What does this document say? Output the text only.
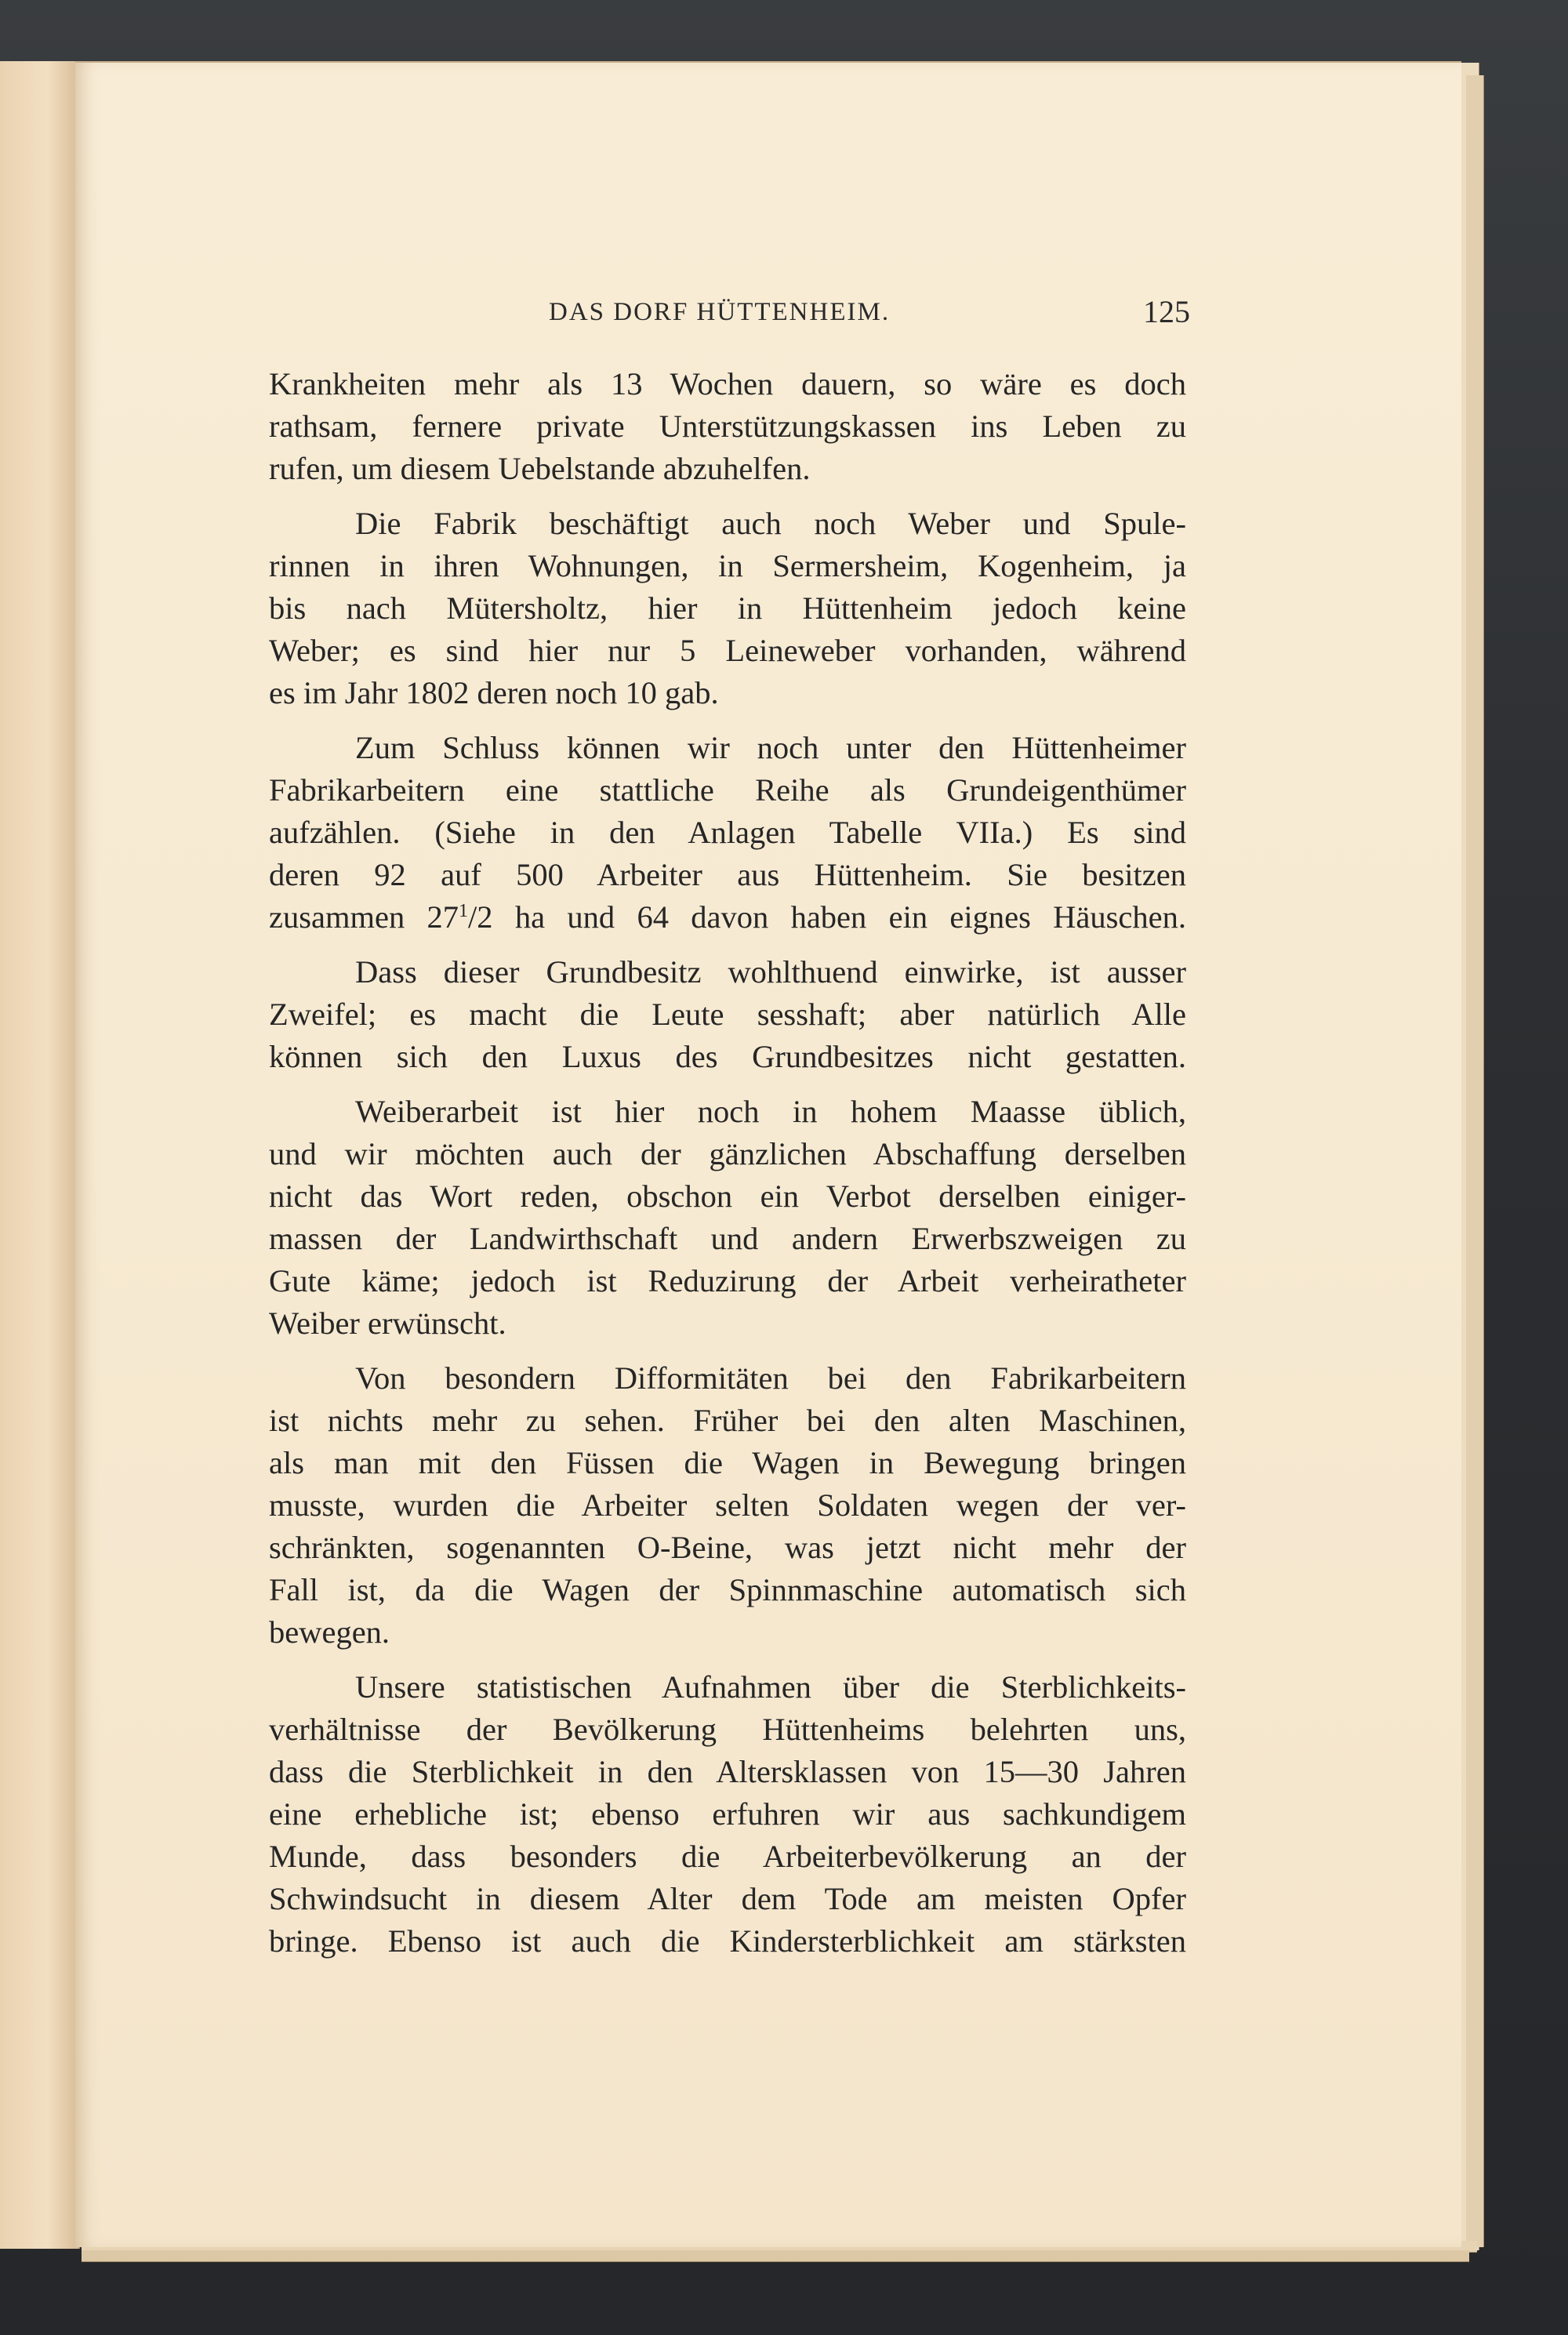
DAS DORF HÜTTENHEIM.	125
Krankheiten mehr als 13 Wochen dauern, so wäre es doch
rathsam, fernere private Unterstützungskassen ins Leben zu
rufen, um diesem Uebelstande abzuhelfen.
Die Fabrik beschäftigt auch noch Weber und Spule-
rinnen in ihren Wohnungen, in Sermersheim, Kogenheim, ja
bis nach Mütersholtz, hier in Hüttenheim jedoch keine
Weber; es sind hier nur 5 Leineweber vorhanden, während
es im Jahr 1802 deren noch 10 gab.
Zum Schluss können wir noch unter den Hüttenheimer
Fabrikarbeitern eine stattliche Reihe als Grundeigenthümer
aufzählen. (Siehe in den Anlagen Tabelle VIIa.) Es sind
deren 92 auf 500 Arbeiter aus Hüttenheim. Sie besitzen
zusammen $27^1/2$ ha und 64 davon haben ein eignes Häuschen.
Dass dieser Grundbesitz wohlthuend einwirke, ist ausser
Zweifel; es macht die Leute sesshaft; aber natürlich Alle
können sich den Luxus des Grundbesitzes nicht gestatten.
Weiberarbeit ist hier noch in hohem Maasse üblich,
und wir möchten auch der gänzlichen Abschaffung derselben
nicht das Wort reden, obschon ein Verbot derselben einiger-
massen der Landwirthschaft und andern Erwerbszweigen zu
Gute käme; jedoch ist Reduzirung der Arbeit verheiratheter
Weiber erwünscht.
Von besondern Difformitäten bei den Fabrikarbeitern
ist nichts mehr zu sehen. Früher bei den alten Maschinen,
als man mit den Füssen die Wagen in Bewegung bringen
musste, wurden die Arbeiter selten Soldaten wegen der ver-
schränkten, sogenannten O-Beine, was jetzt nicht mehr der
Fall ist, da die Wagen der Spinnmaschine automatisch sich
bewegen.
Unsere statistischen Aufnahmen über die Sterblichkeits-
verhältnisse der Bevölkerung Hüttenheims belehrten uns,
dass die Sterblichkeit in den Altersklassen von 15—30 Jahren
eine erhebliche ist; ebenso erfuhren wir aus sachkundigem
Munde, dass besonders die Arbeiterbevölkerung an der
Schwindsucht in diesem Alter dem Tode am meisten Opfer
bringe. Ebenso ist auch die Kindersterblichkeit am stärksten
